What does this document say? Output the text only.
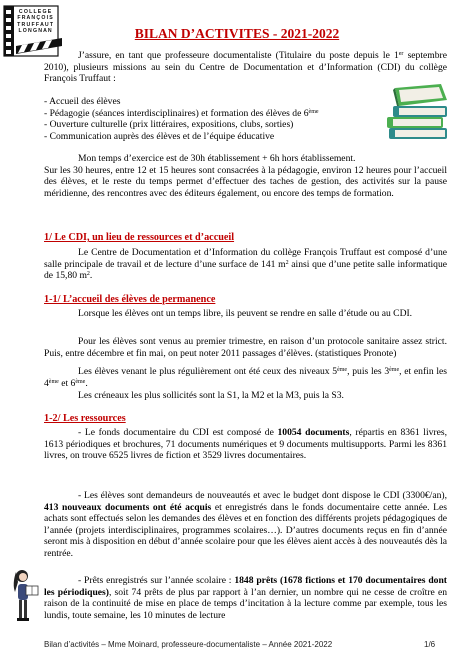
C O L L E G E
F R A N Ç O I S
T R U F F A U T
L O N G N A N	BILAN D’ACTIVITES - 2021-2022
J’assure, en tant que professeure documentaliste (Titulaire du poste depuis le 1er septembre 2010), plusieurs missions au sein du Centre de Documentation et d’Information (CDI) du collège François Truffaut :
- Accueil des élèves
- Pédagogie (séances interdisciplinaires) et formation des élèves de 6ème
- Ouverture culturelle (prix littéraires, expositions, clubs, sorties)
- Communication auprès des élèves et de l’équipe éducative
Mon temps d’exercice est de 30h établissement + 6h hors établissement.
Sur les 30 heures, entre 12 et 15 heures sont consacrées à la pédagogie, environ 12 heures pour l’accueil des élèves, et le reste du temps permet d’effectuer des taches de gestion, des activités sur la pause méridienne, des rencontres avec des éditeurs également, ou encore des temps de formation.
1/ Le CDI, un lieu de ressources et d’accueil
Le Centre de Documentation et d’Information du collège François Truffaut est composé d’une salle principale de travail et de lecture d’une surface de 141 $m^2$ ainsi que d’une petite salle informatique de 15,80 $m^2$.
1-1/ L’accueil des élèves de permanence
Lorsque les élèves ont un temps libre, ils peuvent se rendre en salle d’étude ou au CDI.
Pour les élèves sont venus au premier trimestre, en raison d’un protocole sanitaire assez strict. Puis, entre décembre et fin mai, on peut noter 2011 passages d’élèves. (statistiques Pronote)
Les élèves venant le plus régulièrement ont été ceux des niveaux 5ème, puis les 3ème, et enfin les 4ème et 6ème.
Les créneaux les plus sollicités sont la S1, la M2 et la M3, puis la S3.
1-2/ Les ressources
- Le fonds documentaire du CDI est composé de 10054 documents, répartis en 8361 livres, 1613 périodiques et brochures, 71 documents numériques et 9 documents multisupports. Parmi les 8361 livres, on trouve 6525 livres de fiction et 3529 livres documentaires.
- Les élèves sont demandeurs de nouveautés et avec le budget dont dispose le CDI (3300€/an), 413 nouveaux documents ont été acquis et enregistrés dans le fonds documentaire cette année. Les achats sont effectués selon les demandes des élèves et en fonction des différents projets pédagogiques de l’année (projets interdisciplinaires, programmes scolaires…). D’autres documents reçus en fin d’année seront mis à disposition en début d’année scolaire pour que les élèves aient accès à des nouveautés dès la rentrée.
- Prêts enregistrés sur l’année scolaire : 1848 prêts (1678 fictions et 170 documentaires dont les périodiques), soit 74 prêts de plus par rapport à l’an dernier, un nombre qui ne cesse de croître en raison de la continuité de mise en place de temps d’incitation à la lecture comme par exemple, tous les lundis, toute semaine, les 10 minutes de lecture
Bilan d’activités – Mme Moinard, professeure-documentaliste – Année 2021-2022	1/6
